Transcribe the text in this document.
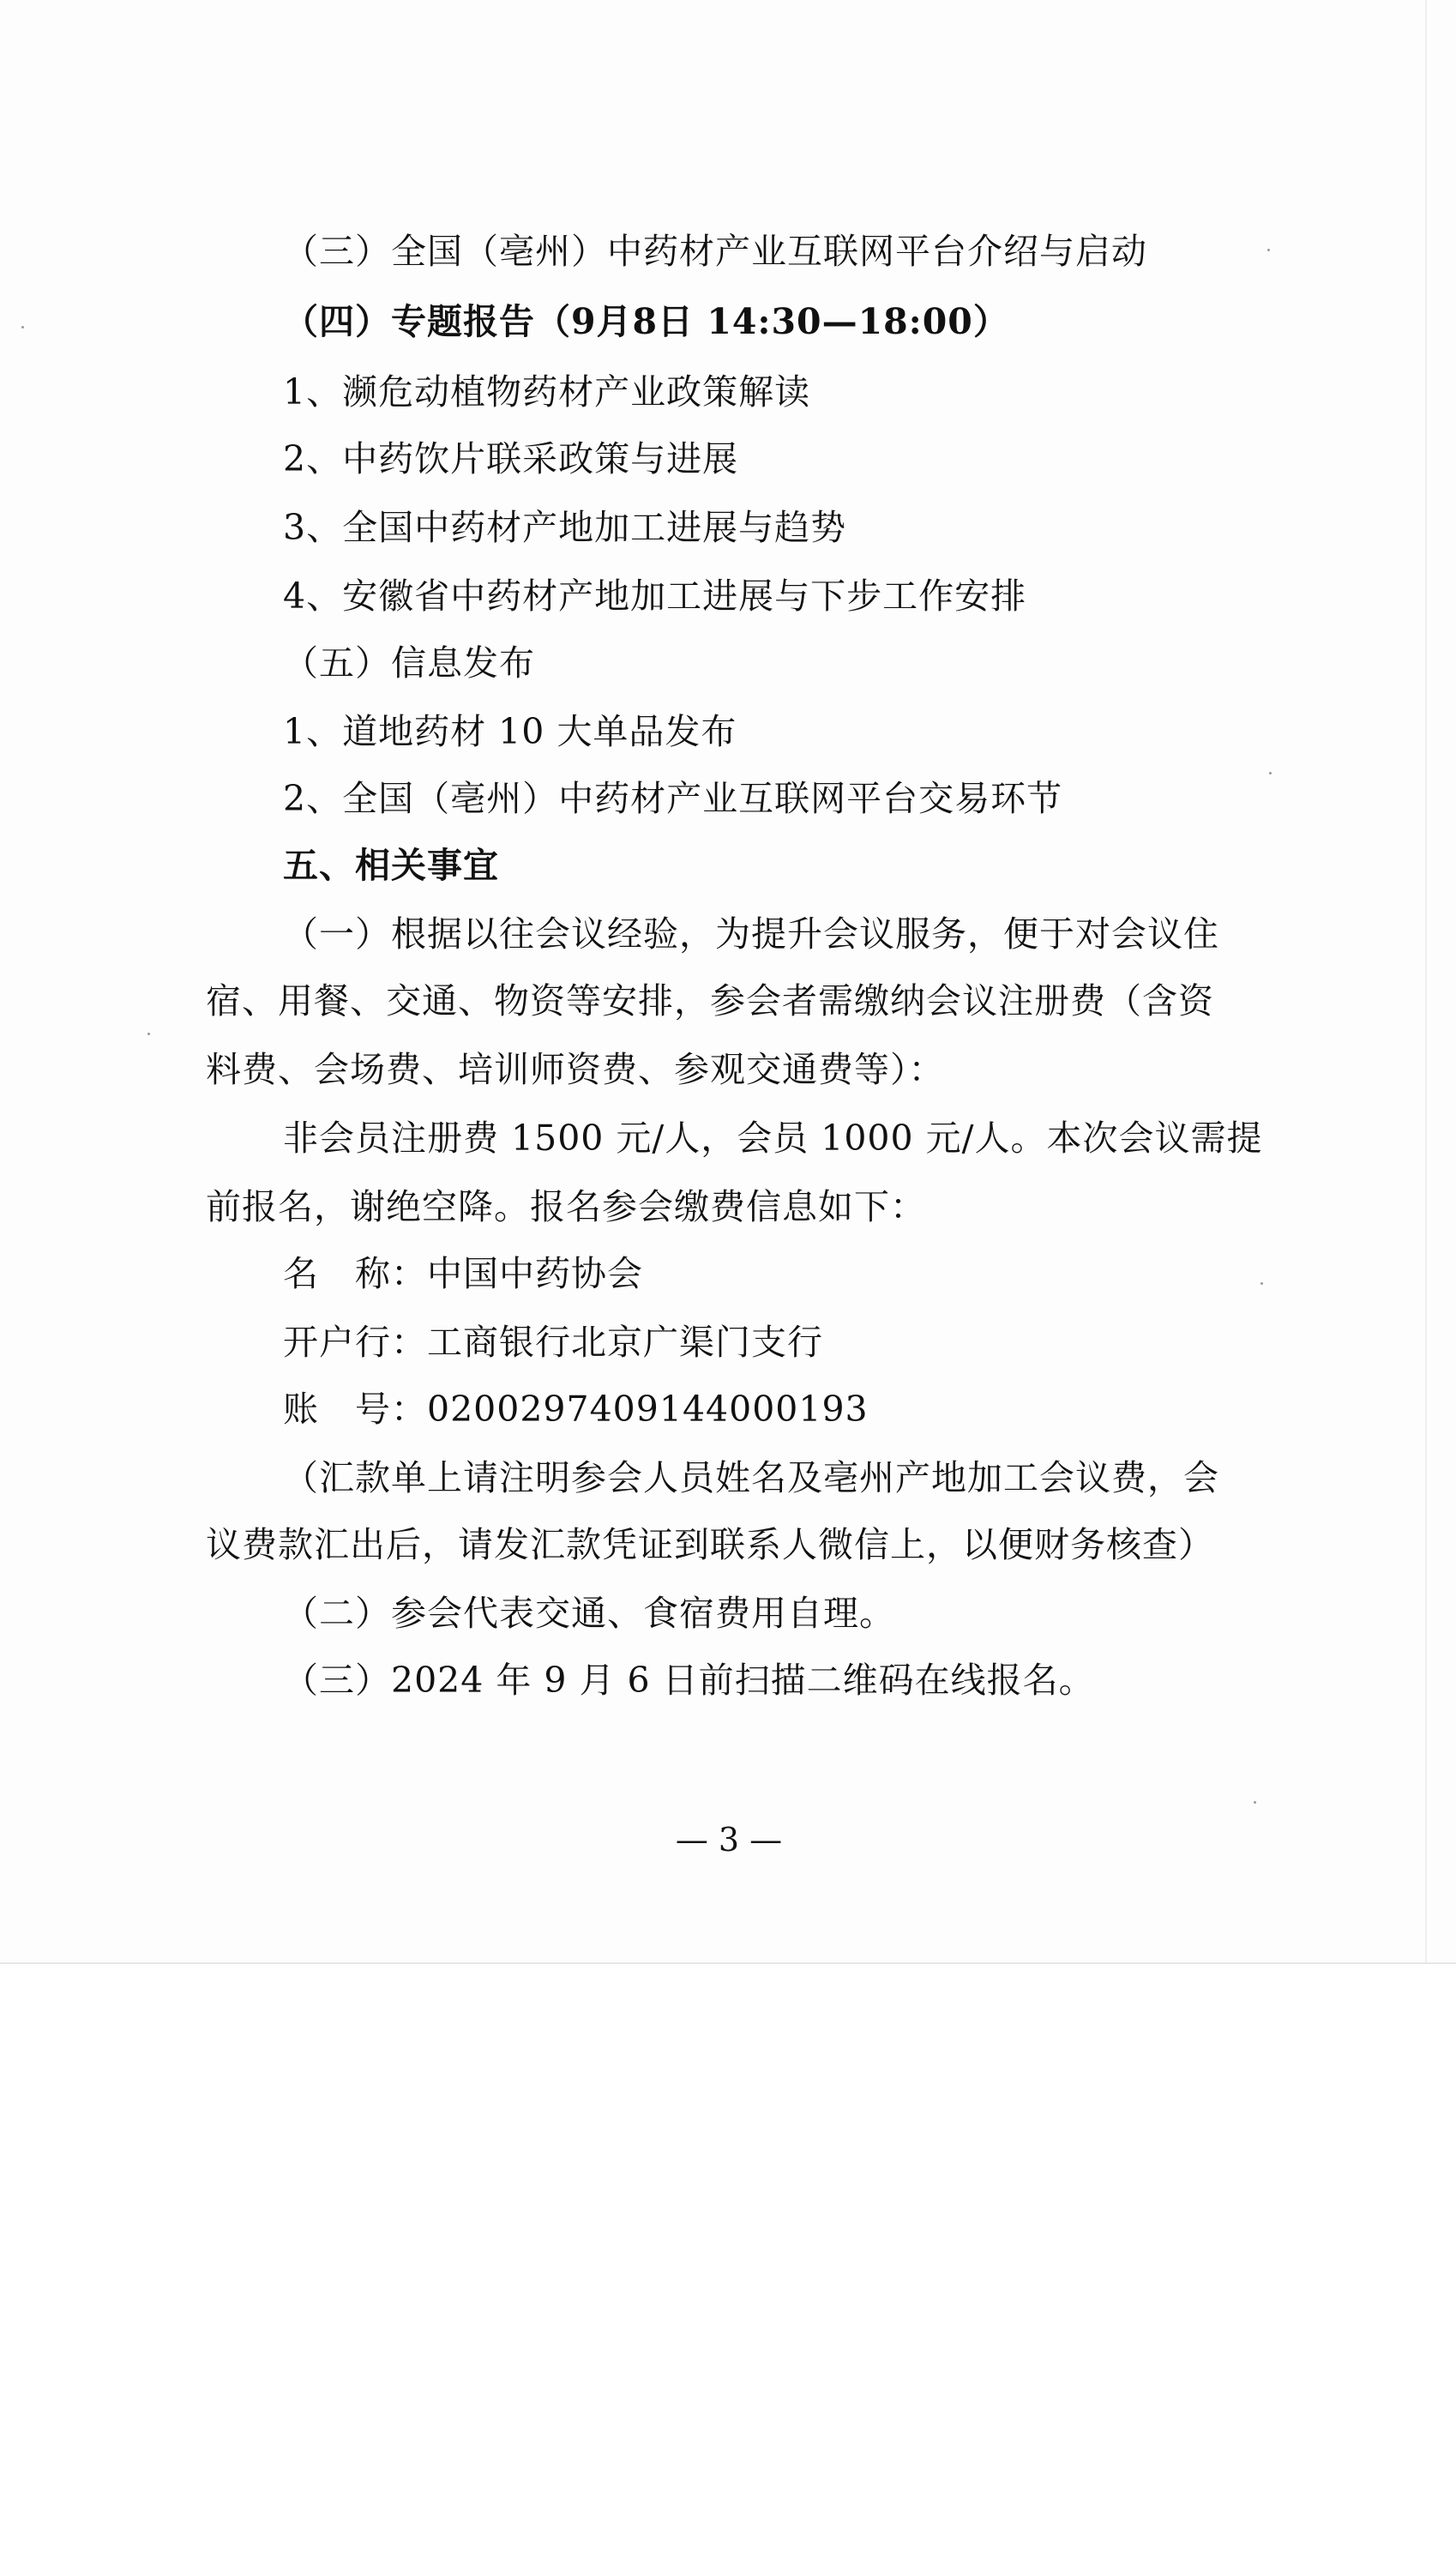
（三）全国（亳州）中药材产业互联网平台介绍与启动
（四）专题报告（9月8日 14:30—18:00）
1、濒危动植物药材产业政策解读
2、中药饮片联采政策与进展
3、全国中药材产地加工进展与趋势
4、安徽省中药材产地加工进展与下步工作安排
（五）信息发布
1、道地药材 10 大单品发布
2、全国（亳州）中药材产业互联网平台交易环节
五、相关事宜
（一）根据以往会议经验，为提升会议服务，便于对会议住
宿、用餐、交通、物资等安排，参会者需缴纳会议注册费（含资
料费、会场费、培训师资费、参观交通费等）：
非会员注册费 1500 元/人，会员 1000 元/人。本次会议需提
前报名，谢绝空降。报名参会缴费信息如下：
名　称：中国中药协会
开户行：工商银行北京广渠门支行
账　号：0200297409144000193
（汇款单上请注明参会人员姓名及亳州产地加工会议费，会
议费款汇出后，请发汇款凭证到联系人微信上，以便财务核查）
（二）参会代表交通、食宿费用自理。
（三）2024 年 9 月 6 日前扫描二维码在线报名。
— 3 —
